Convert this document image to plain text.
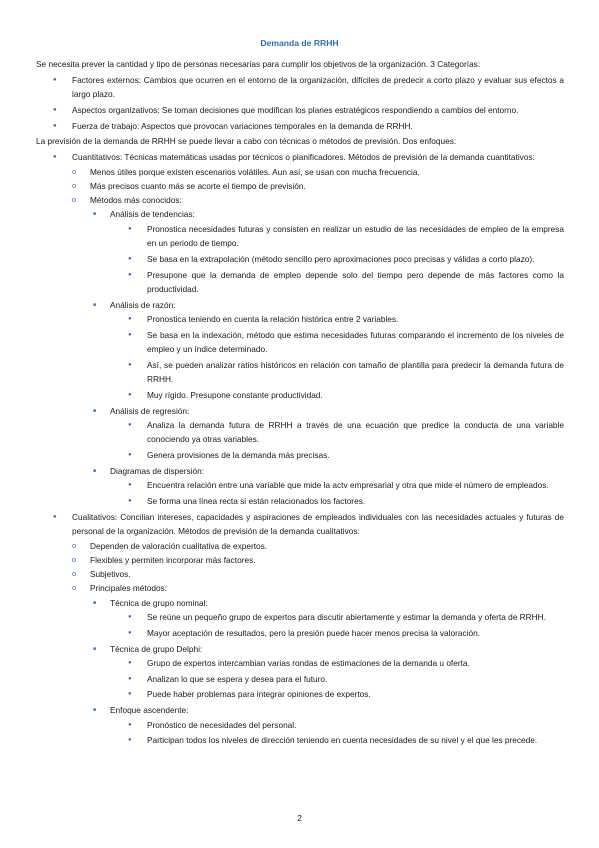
Demanda de RRHH

Se necesita prever la cantidad y tipo de personas necesarias para cumplir los objetivos de la organización. 3 Categorías:

● Factores externos: Cambios que ocurren en el entorno de la organización, difíciles de predecir a corto plazo y evaluar sus efectos a largo plazo.
● Aspectos organizativos: Se toman decisiones que modifican los planes estratégicos respondiendo a cambios del entorno.
● Fuerza de trabajo: Aspectos que provocan variaciones temporales en la demanda de RRHH.

La previsión de la demanda de RRHH se puede llevar a cabo con técnicas o métodos de previsión. Dos enfoques:

● Cuantitativos: Técnicas matemáticas usadas por técnicos o planificadores. Métodos de previsión de la demanda cuantitativos:

o Menos útiles porque existen escenarios volátiles. Aun así, se usan con mucha frecuencia.
o Más precisos cuanto más se acorte el tiempo de previsión.

o Métodos más conocidos:

■ Análisis de tendencias:

● Pronostica necesidades futuras y consisten en realizar un estudio de las necesidades de empleo de la empresa en un periodo de tiempo.
● Se basa en la extrapolación (método sencillo pero aproximaciones poco precisas y válidas a corto plazo).
● Presupone que la demanda de empleo depende solo del tiempo pero depende de más factores como la productividad.

■ Análisis de razón:

● Pronostica teniendo en cuenta la relación histórica entre 2 variables.
● Se basa en la indexación, método que estima necesidades futuras comparando el incremento de los niveles de empleo y un índice determinado.
● Así, se pueden analizar ratios históricos en relación con tamaño de plantilla para predecir la demanda futura de RRHH.
● Muy rígido. Presupone constante productividad.

■ Análisis de regresión:

● Analiza la demanda futura de RRHH a través de una ecuación que predice la conducta de una variable conociendo ya otras variables.
● Genera provisiones de la demanda más precisas.

■ Diagramas de dispersión:

● Encuentra relación entre una variable que mide la actv empresarial y otra que mide el número de empleados.
● Se forma una línea recta si están relacionados los factores.

● Cualitativos: Concilian intereses, capacidades y aspiraciones de empleados individuales con las necesidades actuales y futuras de personal de la organización. Métodos de previsión de la demanda cualitativos:

o Dependen de valoración cualitativa de expertos.
o Flexibles y permiten incorporar más factores.
o Subjetivos.

o Principales métodos:

■ Técnica de grupo nominal:

● Se reúne un pequeño grupo de expertos para discutir abiertamente y estimar la demanda y oferta de RRHH.
● Mayor aceptación de resultados, pero la presión puede hacer menos precisa la valoración.

■ Técnica de grupo Delphi:

● Grupo de expertos intercambian varias rondas de estimaciones de la demanda u oferta.
● Analizan lo que se espera y desea para el futuro.
● Puede haber problemas para integrar opiniones de expertos.

■ Enfoque ascendente:

● Pronóstico de necesidades del personal.
● Participan todos los niveles de dirección teniendo en cuenta necesidades de su nivel y el que les precede.
2
